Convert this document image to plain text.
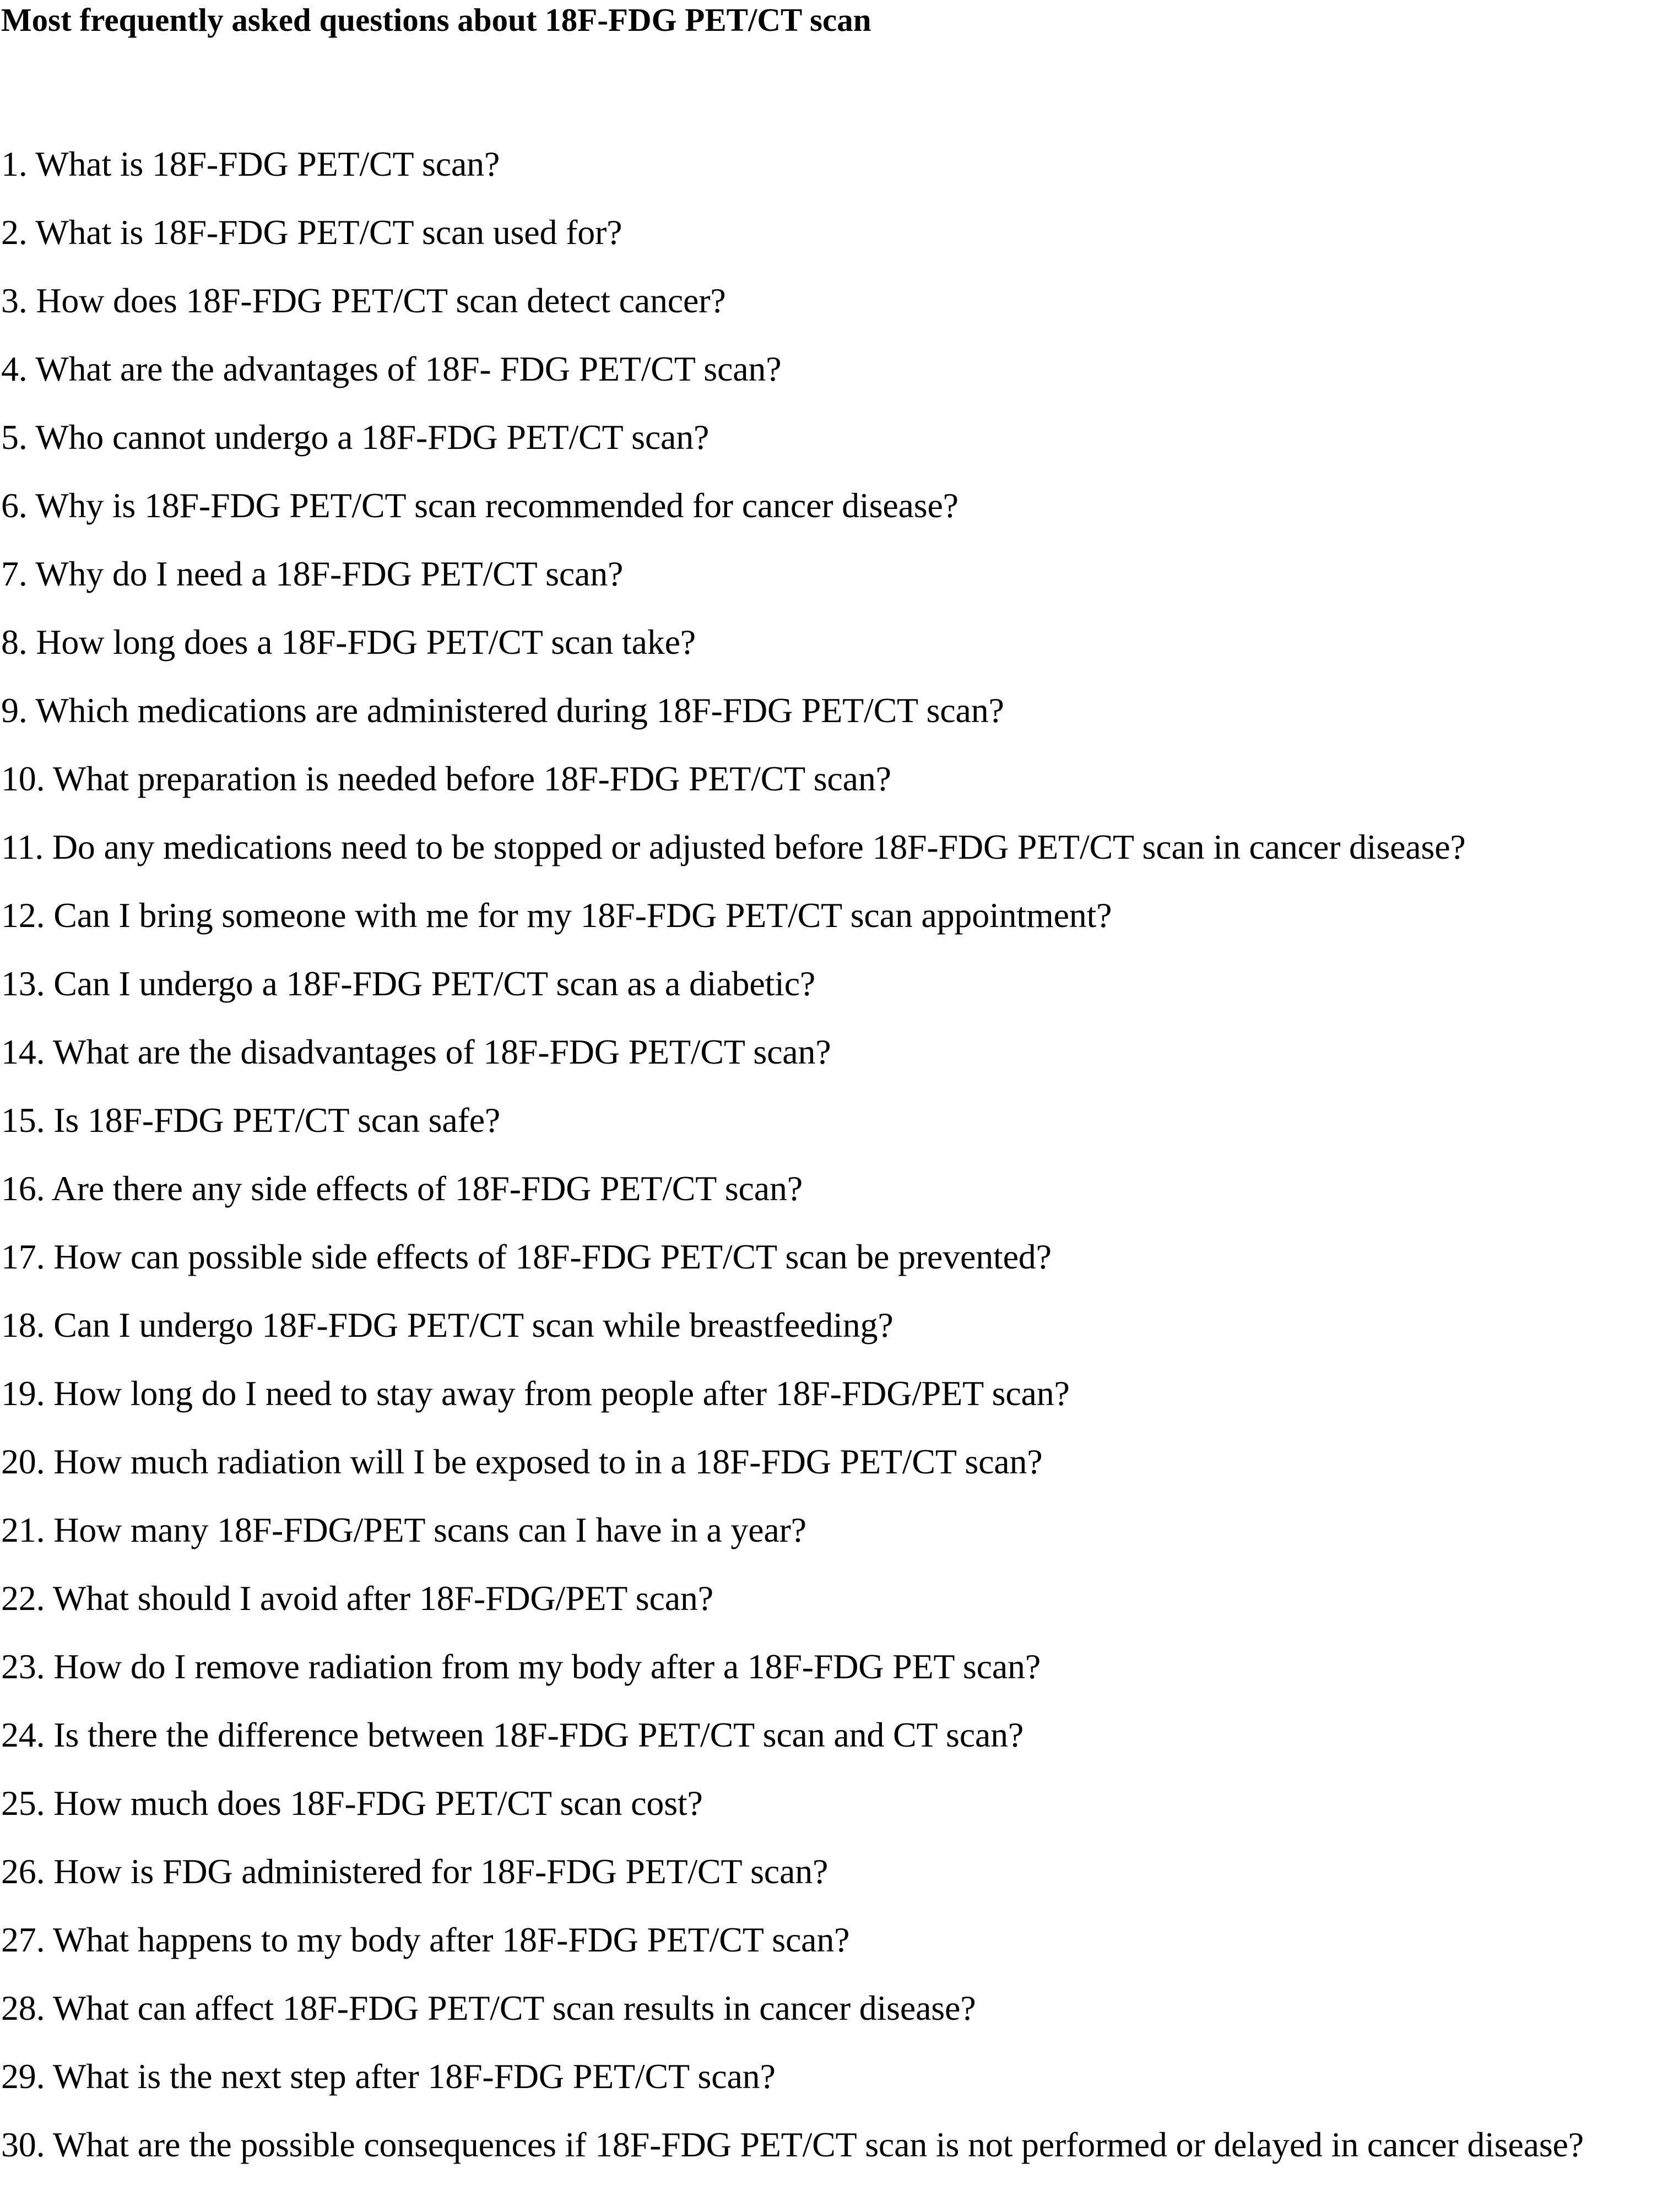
Most frequently asked questions about 18F-FDG PET/CT scan
1. What is 18F-FDG PET/CT scan?
2. What is 18F-FDG PET/CT scan used for?
3. How does 18F-FDG PET/CT scan detect cancer?
4. What are the advantages of 18F- FDG PET/CT scan?
5. Who cannot undergo a 18F-FDG PET/CT scan?
6. Why is 18F-FDG PET/CT scan recommended for cancer disease?
7. Why do I need a 18F-FDG PET/CT scan?
8. How long does a 18F-FDG PET/CT scan take?
9. Which medications are administered during 18F-FDG PET/CT scan?
10. What preparation is needed before 18F-FDG PET/CT scan?
11. Do any medications need to be stopped or adjusted before 18F-FDG PET/CT scan in cancer disease?
12. Can I bring someone with me for my 18F-FDG PET/CT scan appointment?
13. Can I undergo a 18F-FDG PET/CT scan as a diabetic?
14. What are the disadvantages of 18F-FDG PET/CT scan?
15. Is 18F-FDG PET/CT scan safe?
16. Are there any side effects of 18F-FDG PET/CT scan?
17. How can possible side effects of 18F-FDG PET/CT scan be prevented?
18. Can I undergo 18F-FDG PET/CT scan while breastfeeding?
19. How long do I need to stay away from people after 18F-FDG/PET scan?
20. How much radiation will I be exposed to in a 18F-FDG PET/CT scan?
21. How many 18F-FDG/PET scans can I have in a year?
22. What should I avoid after 18F-FDG/PET scan?
23. How do I remove radiation from my body after a 18F-FDG PET scan?
24. Is there the difference between 18F-FDG PET/CT scan and CT scan?
25. How much does 18F-FDG PET/CT scan cost?
26. How is FDG administered for 18F-FDG PET/CT scan?
27. What happens to my body after 18F-FDG PET/CT scan?
28. What can affect 18F-FDG PET/CT scan results in cancer disease?
29. What is the next step after 18F-FDG PET/CT scan?
30. What are the possible consequences if 18F-FDG PET/CT scan is not performed or delayed in cancer disease?
